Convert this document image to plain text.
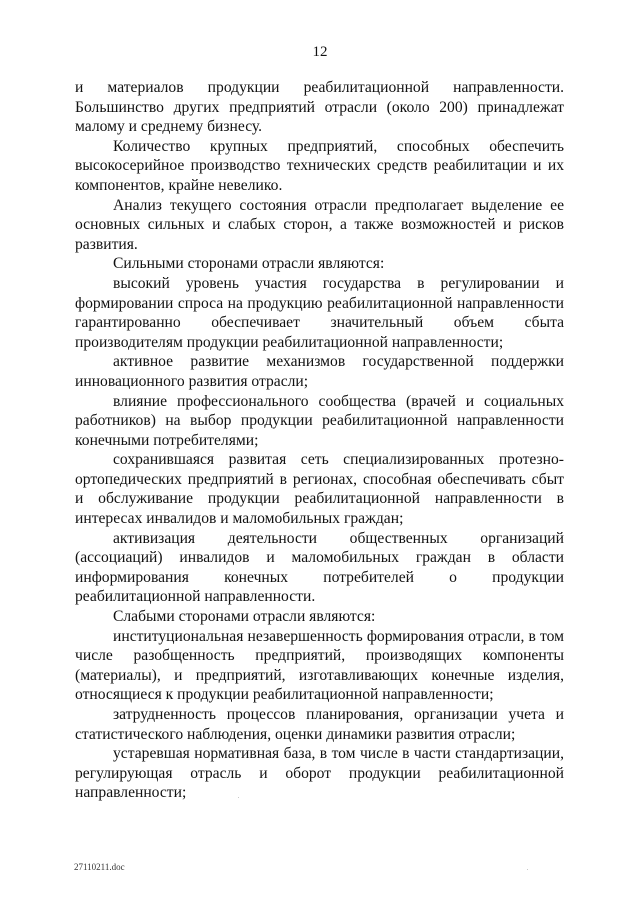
12

и материалов продукции реабилитационной направленности. Большинство других предприятий отрасли (около 200) принадлежат малому и среднему бизнесу.

Количество крупных предприятий, способных обеспечить высокосерийное производство технических средств реабилитации и их компонентов, крайне невелико.

Анализ текущего состояния отрасли предполагает выделение ее основных сильных и слабых сторон, а также возможностей и рисков развития.

Сильными сторонами отрасли являются:

высокий уровень участия государства в регулировании и формировании спроса на продукцию реабилитационной направленности гарантированно обеспечивает значительный объем сбыта производителям продукции реабилитационной направленности;

активное развитие механизмов государственной поддержки инновационного развития отрасли;

влияние профессионального сообщества (врачей и социальных работников) на выбор продукции реабилитационной направленности конечными потребителями;

сохранившаяся развитая сеть специализированных протезно-ортопедических предприятий в регионах, способная обеспечивать сбыт и обслуживание продукции реабилитационной направленности в интересах инвалидов и маломобильных граждан;

активизация деятельности общественных организаций (ассоциаций) инвалидов и маломобильных граждан в области информирования конечных потребителей о продукции реабилитационной направленности.

Слабыми сторонами отрасли являются:

институциональная незавершенность формирования отрасли, в том числе разобщенность предприятий, производящих компоненты (материалы), и предприятий, изготавливающих конечные изделия, относящиеся к продукции реабилитационной направленности;

затрудненность процессов планирования, организации учета и статистического наблюдения, оценки динамики развития отрасли;

устаревшая нормативная база, в том числе в части стандартизации, регулирующая отрасль и оборот продукции реабилитационной направленности;

27110211.doc
